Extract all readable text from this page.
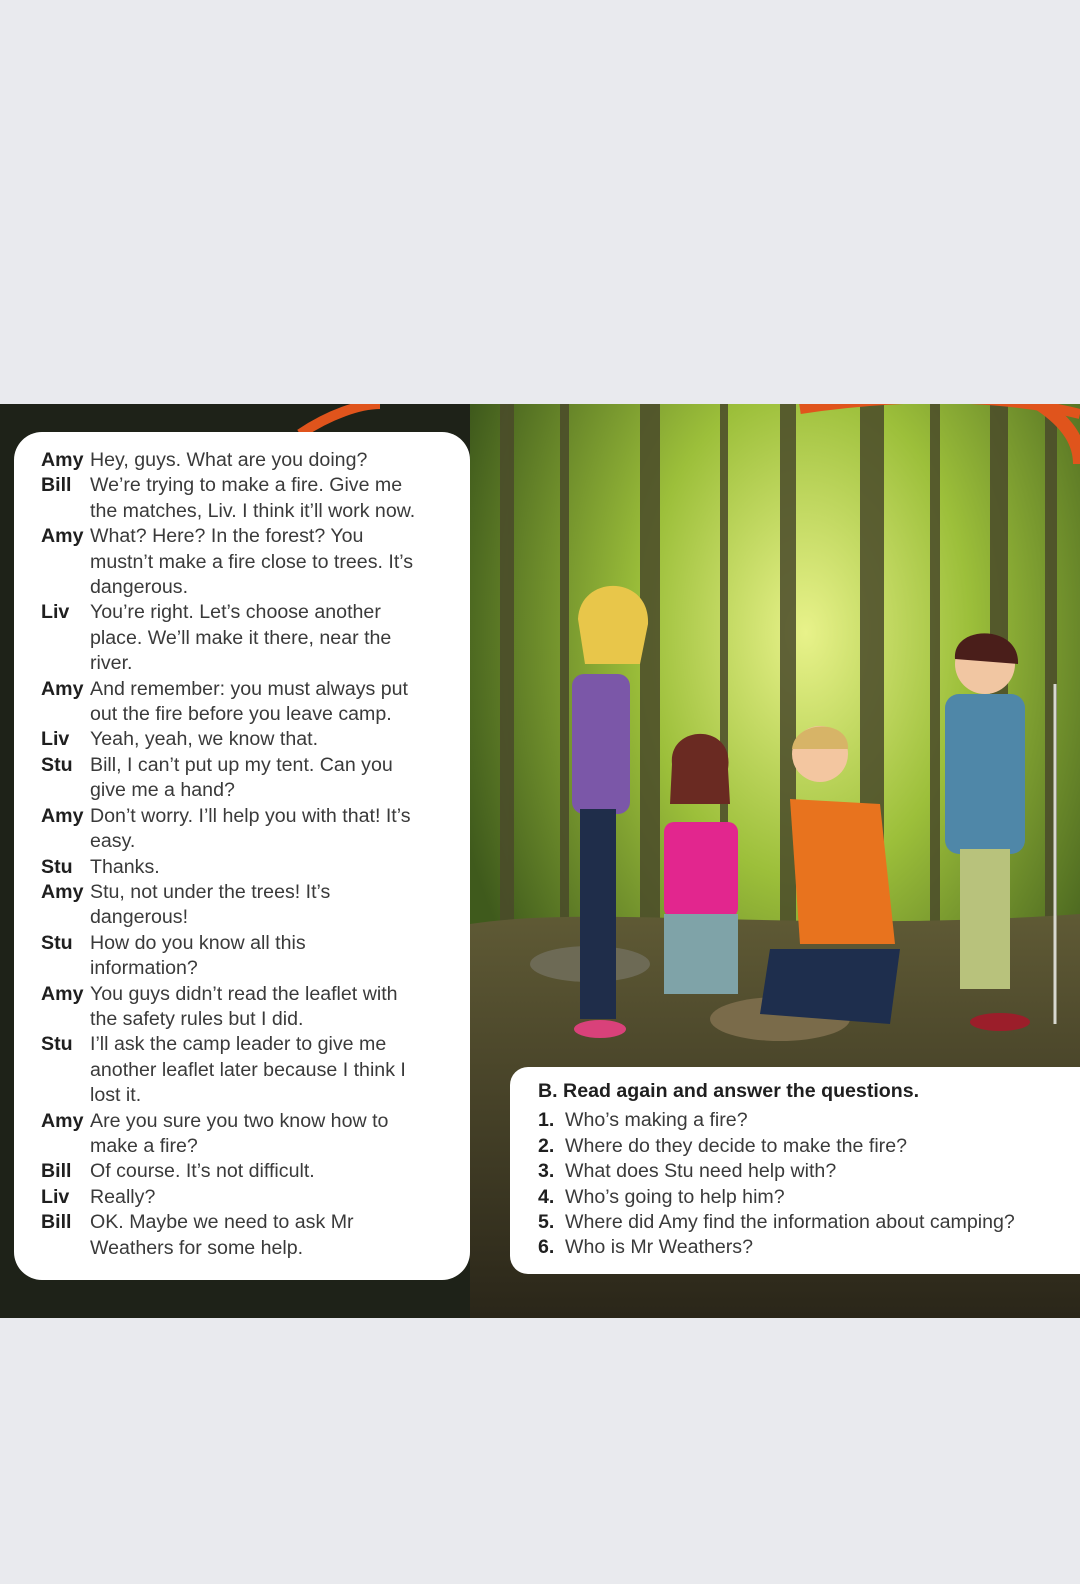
Amy Hey, guys. What are you doing?
Bill We’re trying to make a fire. Give me
the matches, Liv. I think it’ll work now.
Amy What? Here? In the forest? You
mustn’t make a fire close to trees. It’s
dangerous.
Liv	You’re right. Let’s choose another
place. We’ll make it there, near the
river.
Amy And remember: you must always put
out the fire before you leave camp.
Liv	Yeah, yeah, we know that.
Stu Bill, I can’t put up my tent. Can you
give me a hand?
Amy Don’t worry. I’ll help you with that! It’s
easy.
Stu Thanks.
Amy Stu, not under the trees! It’s
dangerous!
Stu How do you know all this
information?
Amy You guys didn’t read the leaflet with
the safety rules but I did.
Stu I’ll ask the camp leader to give me
another leaflet later because I think I
lost it.
Amy Are you sure you two know how to
make a fire?
Bill Of course. It’s not difficult.
Liv	Really?
Bill OK. Maybe we need to ask Mr
Weathers for some help.
B. Read again and answer the questions.
1. Who’s making a fire?
2. Where do they decide to make the fire?
3. What does Stu need help with?
4. Who’s going to help him?
5. Where did Amy find the information about camping?
6. Who is Mr Weathers?
